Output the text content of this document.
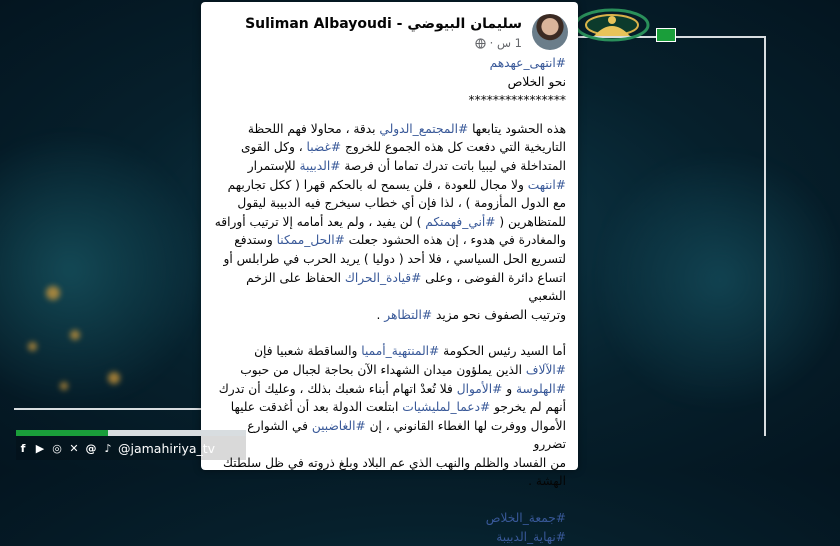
سليمان البيوضي - Suliman Albayoudi
1 س ·

#انتهى_عهدهم

نحو الخلاص

****************

هذه الحشود يتابعها #المجتمع_الدولي بدقة ، محاولا فهم اللحظة

التاريخية التي دفعت كل هذه الجموع للخروج #غضبا ، وكل القوى

المتداخلة في ليبيا باتت تدرك تماما أن فرصة #الدبيبة للإستمرار

#انتهت ولا مجال للعودة ، فلن يسمح له بالحكم قهرا ( ككل تجاربهم

مع الدول المأزومة ) ، لذا فإن أي خطاب سيخرج فيه الدبيبة ليقول

للمتظاهرين ( #أني_فهمتكم ) لن يفيد ، ولم يعد أمامه إلا ترتيب أوراقه

والمغادرة في هدوء ، إن هذه الحشود جعلت #الحل_ممكنا وستدفع

لتسريع الحل السياسي ، فلا أحد ( دوليا ) يريد الحرب في طرابلس أو

اتساع دائرة الفوضى ، وعلى #قيادة_الحراك الحفاظ على الزخم الشعبي

وترتيب الصفوف نحو مزيد #التظاهر .

أما السيد رئيس الحكومة #المنتهية_أمميا والساقطة شعبيا فإن

#الآلاف الذين يملؤون ميدان الشهداء الآن بحاجة لجبال من حبوب

#الهلوسة و #الأموال فلا تُعدْ اتهام أبناء شعبك بذلك ، وعليك أن تدرك

أنهم لم يخرجو #دعما_لمليشيات ابتلعت الدولة بعد أن أغدقت عليها

الأموال ووفرت لها الغطاء القانوني ، إن #الغاضبين في الشوارع تضررو

من الفساد والظلم والنهب الذي عم البلاد وبلغ ذروته في ظل سلطتك

الهشة .

#جمعة_الخلاص

#نهاية_الدبيبة

f ▶ ◎ ✕ @ ♪ @jamahiriya_tv
